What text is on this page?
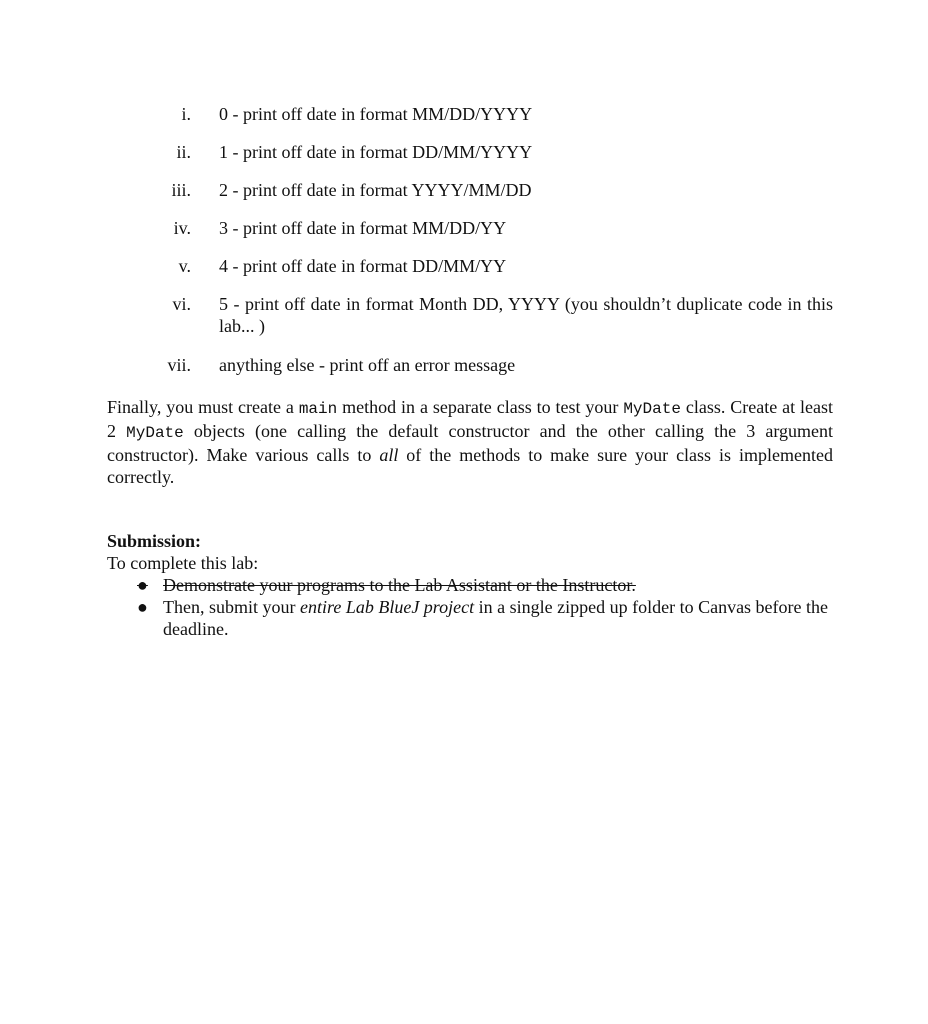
i. 0 - print off date in format MM/DD/YYYY
ii. 1 - print off date in format DD/MM/YYYY
iii. 2 - print off date in format YYYY/MM/DD
iv. 3 - print off date in format MM/DD/YY
v. 4 - print off date in format DD/MM/YY
vi. 5 - print off date in format Month DD, YYYY (you shouldn’t duplicate code in this lab... )
vii. anything else - print off an error message
Finally, you must create a main method in a separate class to test your MyDate class. Create at least 2 MyDate objects (one calling the default constructor and the other calling the 3 argument constructor). Make various calls to all of the methods to make sure your class is implemented correctly.
Submission:
To complete this lab:
● Demonstrate your programs to the Lab Assistant or the Instructor.
● Then, submit your entire Lab BlueJ project in a single zipped up folder to Canvas before the deadline.
